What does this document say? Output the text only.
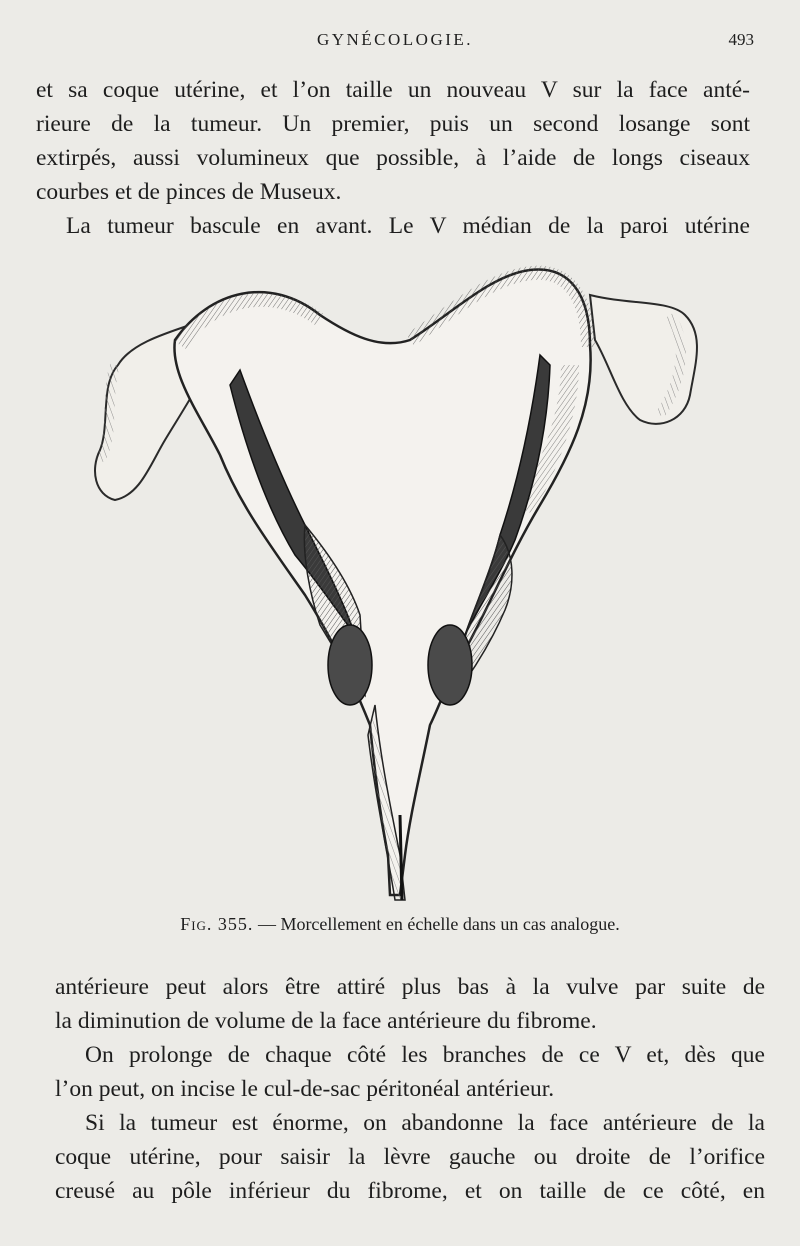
GYNÉCOLOGIE.	493
et sa coque utérine, et l’on taille un nouveau V sur la face anté-
rieure de la tumeur. Un premier, puis un second losange sont
extirpés, aussi volumineux que possible, à l’aide de longs ciseaux
courbes et de pinces de Museux.
La tumeur bascule en avant. Le V médian de la paroi utérine
Fig. 355. — Morcellement en échelle dans un cas analogue.
antérieure peut alors être attiré plus bas à la vulve par suite de
la diminution de volume de la face antérieure du fibrome.
On prolonge de chaque côté les branches de ce V et, dès que
l’on peut, on incise le cul-de-sac péritonéal antérieur.
Si la tumeur est énorme, on abandonne la face antérieure de la
coque utérine, pour saisir la lèvre gauche ou droite de l’orifice
creusé au pôle inférieur du fibrome, et on taille de ce côté, en
